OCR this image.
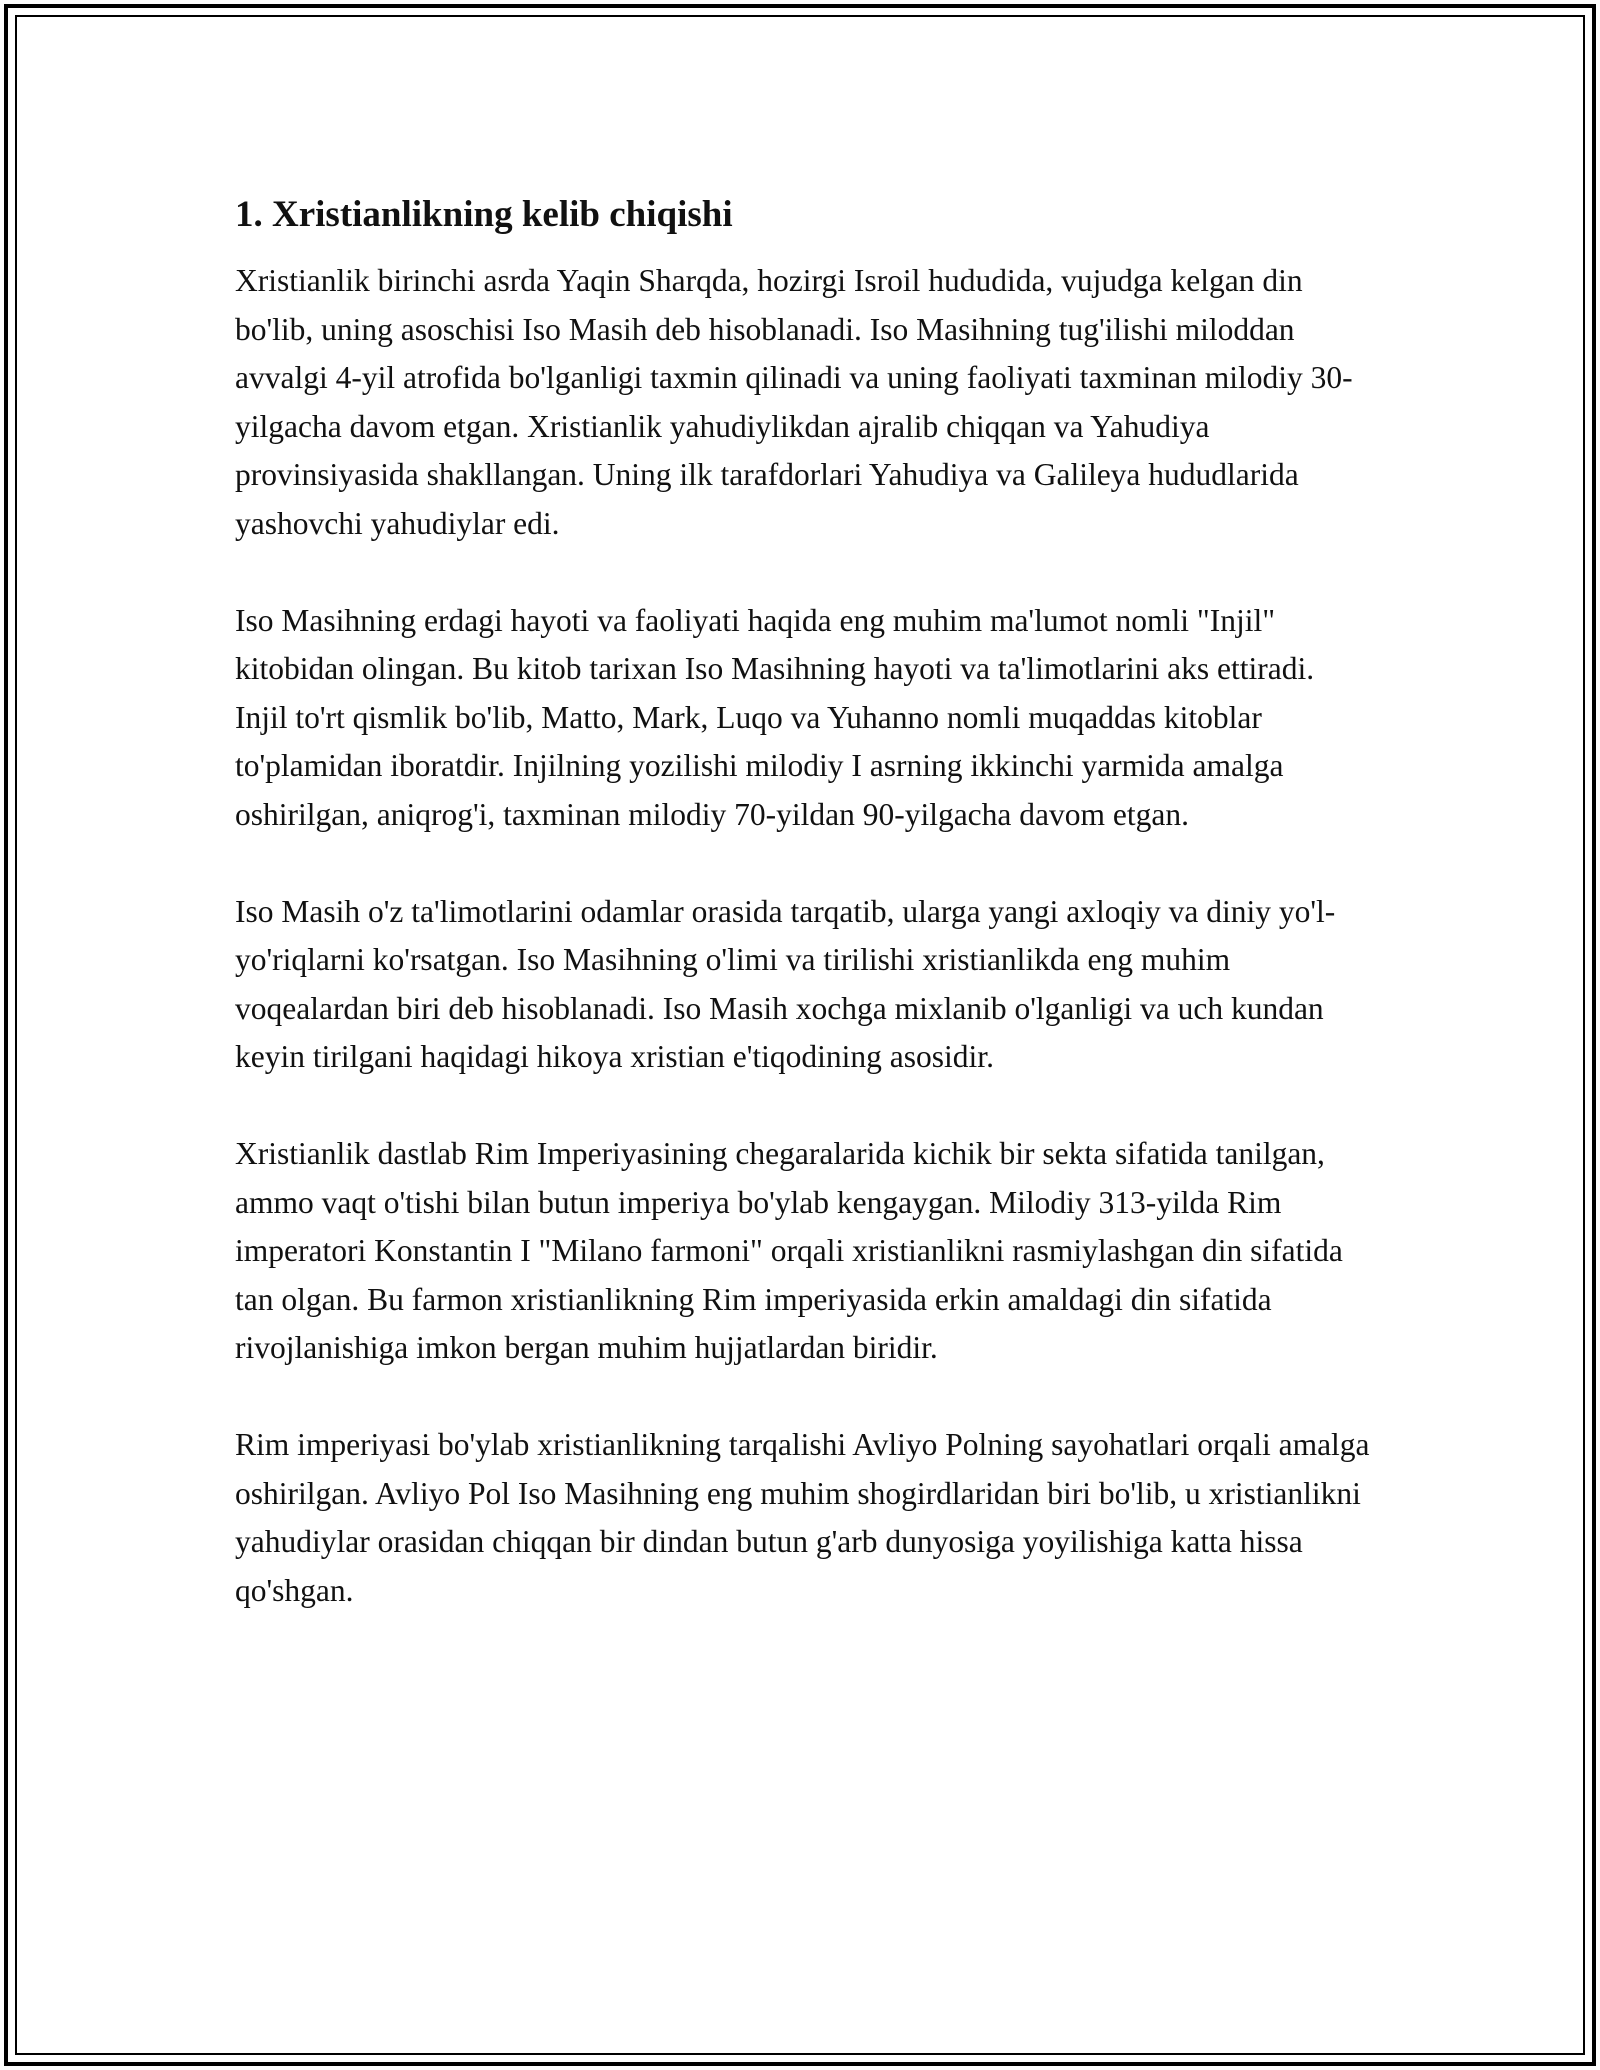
1. Xristianlikning kelib chiqishi

Xristianlik birinchi asrda Yaqin Sharqda, hozirgi Isroil hududida, vujudga kelgan din bo'lib, uning asoschisi Iso Masih deb hisoblanadi. Iso Masihning tug'ilishi miloddan avvalgi 4-yil atrofida bo'lganligi taxmin qilinadi va uning faoliyati taxminan milodiy 30-yilgacha davom etgan. Xristianlik yahudiylikdan ajralib chiqqan va Yahudiya provinsiyasida shakllangan. Uning ilk tarafdorlari Yahudiya va Galileya hududlarida yashovchi yahudiylar edi.

Iso Masihning erdagi hayoti va faoliyati haqida eng muhim ma'lumot nomli "Injil" kitobidan olingan. Bu kitob tarixan Iso Masihning hayoti va ta'limotlarini aks ettiradi. Injil to'rt qismlik bo'lib, Matto, Mark, Luqo va Yuhanno nomli muqaddas kitoblar to'plamidan iboratdir. Injilning yozilishi milodiy I asrning ikkinchi yarmida amalga oshirilgan, aniqrog'i, taxminan milodiy 70-yildan 90-yilgacha davom etgan.

Iso Masih o'z ta'limotlarini odamlar orasida tarqatib, ularga yangi axloqiy va diniy yo'l-yo'riqlarni ko'rsatgan. Iso Masihning o'limi va tirilishi xristianlikda eng muhim voqealardan biri deb hisoblanadi. Iso Masih xochga mixlanib o'lganligi va uch kundan keyin tirilgani haqidagi hikoya xristian e'tiqodining asosidir.

Xristianlik dastlab Rim Imperiyasining chegaralarida kichik bir sekta sifatida tanilgan, ammo vaqt o'tishi bilan butun imperiya bo'ylab kengaygan. Milodiy 313-yilda Rim imperatori Konstantin I "Milano farmoni" orqali xristianlikni rasmiylashgan din sifatida tan olgan. Bu farmon xristianlikning Rim imperiyasida erkin amaldagi din sifatida rivojlanishiga imkon bergan muhim hujjatlardan biridir.

Rim imperiyasi bo'ylab xristianlikning tarqalishi Avliyo Polning sayohatlari orqali amalga oshirilgan. Avliyo Pol Iso Masihning eng muhim shogirdlaridan biri bo'lib, u xristianlikni yahudiylar orasidan chiqqan bir dindan butun g'arb dunyosiga yoyilishiga katta hissa qo'shgan.
